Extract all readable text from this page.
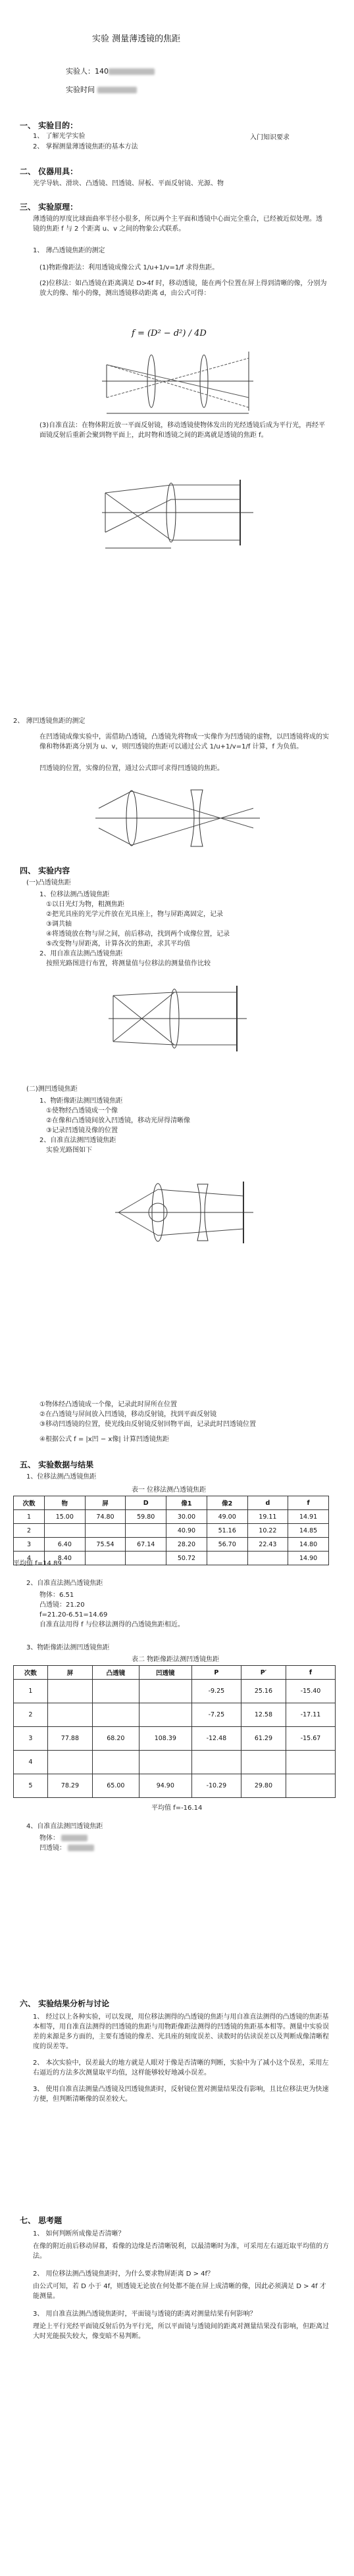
实验 测量薄透镜的焦距
实验人：140
实验时间
一、 实验目的：
1、 了解光学实验	入门知识要求
2、 掌握测量薄透镜焦距的基本方法
二、 仪器用具：
光学导轨、滑块、凸透镜、凹透镜、屏板、平面反射镜、光源、物
三、 实验原理：
薄透镜的厚度比球面曲率半径小很多，所以两个主平面和透镜中心面完全重合，已经被近似处理。透镜的焦距 f 与 2 个距离 u、v 之间的物象公式联系。
1、 薄凸透镜焦距的测定
(1)物距像距法：利用透镜成像公式 1/u+1/v=1/f 求得焦距。
(2)位移法：如凸透镜在距离满足 D>4f 时，移动透镜，能在两个位置在屏上得到清晰的像，分别为放大的像、缩小的像，测出透镜移动距离 d，由公式可得：
f = (D² − d²) / 4D
(3)自准直法：在物体附近放一平面反射镜，移动透镜使物体发出的光经透镜后成为平行光，再经平面镜反射后重新会聚到物平面上，此时物和透镜之间的距离就是透镜的焦距 f。
2、 薄凹透镜焦距的测定
在凹透镜成像实验中，需借助凸透镜，凸透镜先将物成一实像作为凹透镜的虚物，以凹透镜将成的实像和物体距离分别为 u、v，则凹透镜的焦距可以通过公式 1/u+1/v=1/f 计算，f 为负值。
凹透镜的位置，实像的位置，通过公式即可求得凹透镜的焦距。
四、 实验内容
(一)凸透镜焦距
1、位移法测凸透镜焦距
①以日光灯为物，粗测焦距
②把光具座的光学元件放在光具座上，物与屏距离固定，记录
③调共轴
④将透镜放在物与屏之间，前后移动，找到两个成像位置，记录
⑤改变物与屏距离，计算各次的焦距，求其平均值
2、用自准直法测凸透镜焦距
按照光路图进行布置，将测量值与位移法的测量值作比较
(二)测凹透镜焦距
1、物距像距法测凹透镜焦距
①使物经凸透镜成一个像
②在像和凸透镜间放入凹透镜，移动光屏得清晰像
③记录凹透镜及像的位置
2、自准直法测凹透镜焦距
实验光路图如下
①物体经凸透镜成一个像，记录此时屏所在位置
②在凸透镜与屏间放入凹透镜，移动反射镜，找到平面反射镜
③移动凹透镜的位置，使光线由反射镜反射回物平面，记录此时凹透镜位置
④根据公式 f = |x凹 − x像| 计算凹透镜焦距
五、 实验数据与结果
1、位移法测凸透镜焦距
表一 位移法测凸透镜焦距
次数	物	屏	D	像1	像2	d	f
1	15.00	74.80	59.80	30.00	49.00	19.11	14.91
2				40.90	51.16	10.22	14.85
3	6.40	75.54	67.14	28.20	56.70	22.43	14.80
4	8.40			50.72			14.90
平均值 f=14.89
2、自准直法测凸透镜焦距
物体：6.51
凸透镜：21.20
f=21.20-6.51=14.69
自准直法用得 f 与位移法测得的凸透镜焦距相近。
3、物距像距法测凹透镜焦距
表二 物距像距法测凹透镜焦距
次数	屏	凸透镜	凹透镜	P	P′	f
1				-9.25	25.16	-15.40
2				-7.25	12.58	-17.11
3	77.88	68.20	108.39	-12.48	61.29	-15.67
4						
5	78.29	65.00	94.90	-10.29	29.80	
平均值 f=-16.14
4、自准直法测凹透镜焦距
物体：
凹透镜：
六、 实验结果分析与讨论

1、 经过以上各种实验，可以发现，用位移法测得的凸透镜的焦距与用自准直法测得的凸透镜的焦距基本相等，用自准直法测得的凹透镜的焦距与用物距像距法测得的凹透镜的焦距基本相等。测量中实验误差的来源是多方面的，主要有透镜的像差、光具座的刻度误差、读数时的估读误差以及判断成像清晰程度的误差等。

2、 本次实验中，误差最大的地方就是人眼对于像是否清晰的判断，实验中为了减小这个误差，采用左右逼近的方法多次测量取平均值，这样能够较好地减小误差。

3、 使用自准直法测量凸透镜及凹透镜焦距时，反射镜位置对测量结果没有影响，且比位移法更为快速方便，但判断清晰像的误差较大。

七、 思考题

1、 如何判断所成像是否清晰？

在像的附近前后移动屏幕，看像的边缘是否清晰锐利，以最清晰时为准，可采用左右逼近取平均值的方法。

2、 用位移法测凸透镜焦距时，为什么要求物屏距离 D > 4f？

由公式可知，若 D 小于 4f，则透镜无论放在何处都不能在屏上成清晰的像，因此必须满足 D > 4f 才能测量。

3、 用自准直法测凸透镜焦距时，平面镜与透镜的距离对测量结果有何影响？

理论上平行光经平面镜反射后仍为平行光，所以平面镜与透镜间的距离对测量结果没有影响，但距离过大时光能损失较大，像变暗不易判断。
